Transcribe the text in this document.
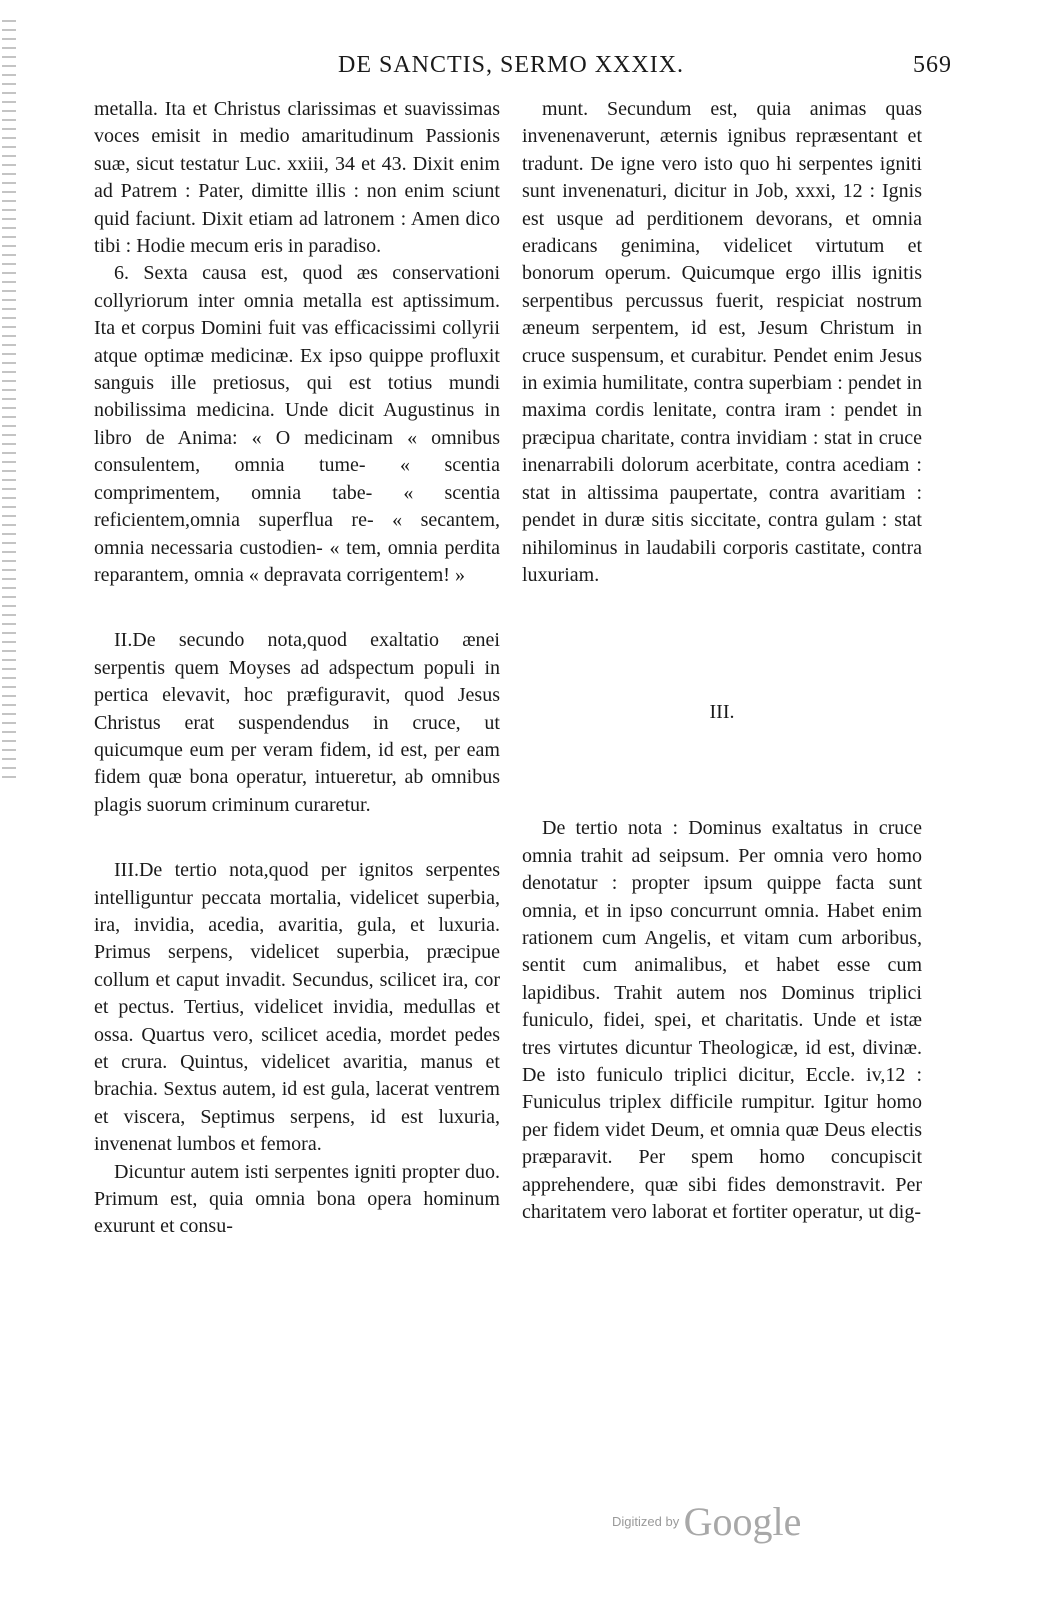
DE SANCTIS, SERMO XXXIX.	569

metalla. Ita et Christus clarissimas et suavissimas voces emisit in medio amaritudinum Passionis suæ, sicut testatur Luc. xxiii, 34 et 43. Dixit enim ad Patrem : Pater, dimitte illis : non enim sciunt quid faciunt. Dixit etiam ad latronem : Amen dico tibi : Hodie mecum eris in paradiso.

6. Sexta causa est, quod æs conservationi collyriorum inter omnia metalla est aptissimum. Ita et corpus Domini fuit vas efficacissimi collyrii atque optimæ medicinæ. Ex ipso quippe profluxit sanguis ille pretiosus, qui est totius mundi nobilissima medicina. Unde dicit Augustinus in libro de Anima: « O medicinam « omnibus consulentem, omnia tume- « scentia comprimentem, omnia tabe- « scentia reficientem,omnia superflua re- « secantem, omnia necessaria custodien- « tem, omnia perdita reparantem, omnia « depravata corrigentem! »

II.De secundo nota,quod exaltatio ænei serpentis quem Moyses ad adspectum populi in pertica elevavit, hoc præfiguravit, quod Jesus Christus erat suspendendus in cruce, ut quicumque eum per veram fidem, id est, per eam fidem quæ bona operatur, intueretur, ab omnibus plagis suorum criminum curaretur.

III.De tertio nota,quod per ignitos serpentes intelliguntur peccata mortalia, videlicet superbia, ira, invidia, acedia, avaritia, gula, et luxuria. Primus serpens, videlicet superbia, præcipue collum et caput invadit. Secundus, scilicet ira, cor et pectus. Tertius, videlicet invidia, medullas et ossa. Quartus vero, scilicet acedia, mordet pedes et crura. Quintus, videlicet avaritia, manus et brachia. Sextus autem, id est gula, lacerat ventrem et viscera, Septimus serpens, id est luxuria, invenenat lumbos et femora.

Dicuntur autem isti serpentes igniti propter duo. Primum est, quia omnia bona opera hominum exurunt et consu-

munt. Secundum est, quia animas quas invenenaverunt, æternis ignibus repræsentant et tradunt. De igne vero isto quo hi serpentes igniti sunt invenenaturi, dicitur in Job, xxxi, 12 : Ignis est usque ad perditionem devorans, et omnia eradicans genimina, videlicet virtutum et bonorum operum. Quicumque ergo illis ignitis serpentibus percussus fuerit, respiciat nostrum æneum serpentem, id est, Jesum Christum in cruce suspensum, et curabitur. Pendet enim Jesus in eximia humilitate, contra superbiam : pendet in maxima cordis lenitate, contra iram : pendet in præcipua charitate, contra invidiam : stat in cruce inenarrabili dolorum acerbitate, contra acediam : stat in altissima paupertate, contra avaritiam : pendet in duræ sitis siccitate, contra gulam : stat nihilominus in laudabili corporis castitate, contra luxuriam.

III.

De tertio nota : Dominus exaltatus in cruce omnia trahit ad seipsum. Per omnia vero homo denotatur : propter ipsum quippe facta sunt omnia, et in ipso concurrunt omnia. Habet enim rationem cum Angelis, et vitam cum arboribus, sentit cum animalibus, et habet esse cum lapidibus. Trahit autem nos Dominus triplici funiculo, fidei, spei, et charitatis. Unde et istæ tres virtutes dicuntur Theologicæ, id est, divinæ. De isto funiculo triplici dicitur, Eccle. iv,12 : Funiculus triplex difficile rumpitur. Igitur homo per fidem videt Deum, et omnia quæ Deus electis præparavit. Per spem homo concupiscit apprehendere, quæ sibi fides demonstravit. Per charitatem vero laborat et fortiter operatur, ut dig-

Digitized by Google
